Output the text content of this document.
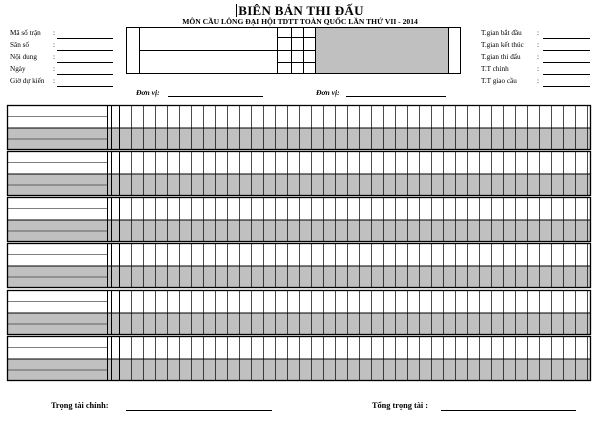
BIÊN BẢN THI ĐẤU
MÔN CẦU LÔNG ĐẠI HỘI TDTT TOÀN QUỐC LẦN THỨ VII - 2014
Mã số trận :
Sân số	:
Nội dung :
Ngày	:
Giờ dự kiến :
T.gian bắt đầu :
T.gian kết thúc :
T.gian thi đấu :
T.T chính	:
T.T giao cầu	:
Đơn vị:	Đơn vị:
Trọng tài chính:	Tổng trọng tài :
